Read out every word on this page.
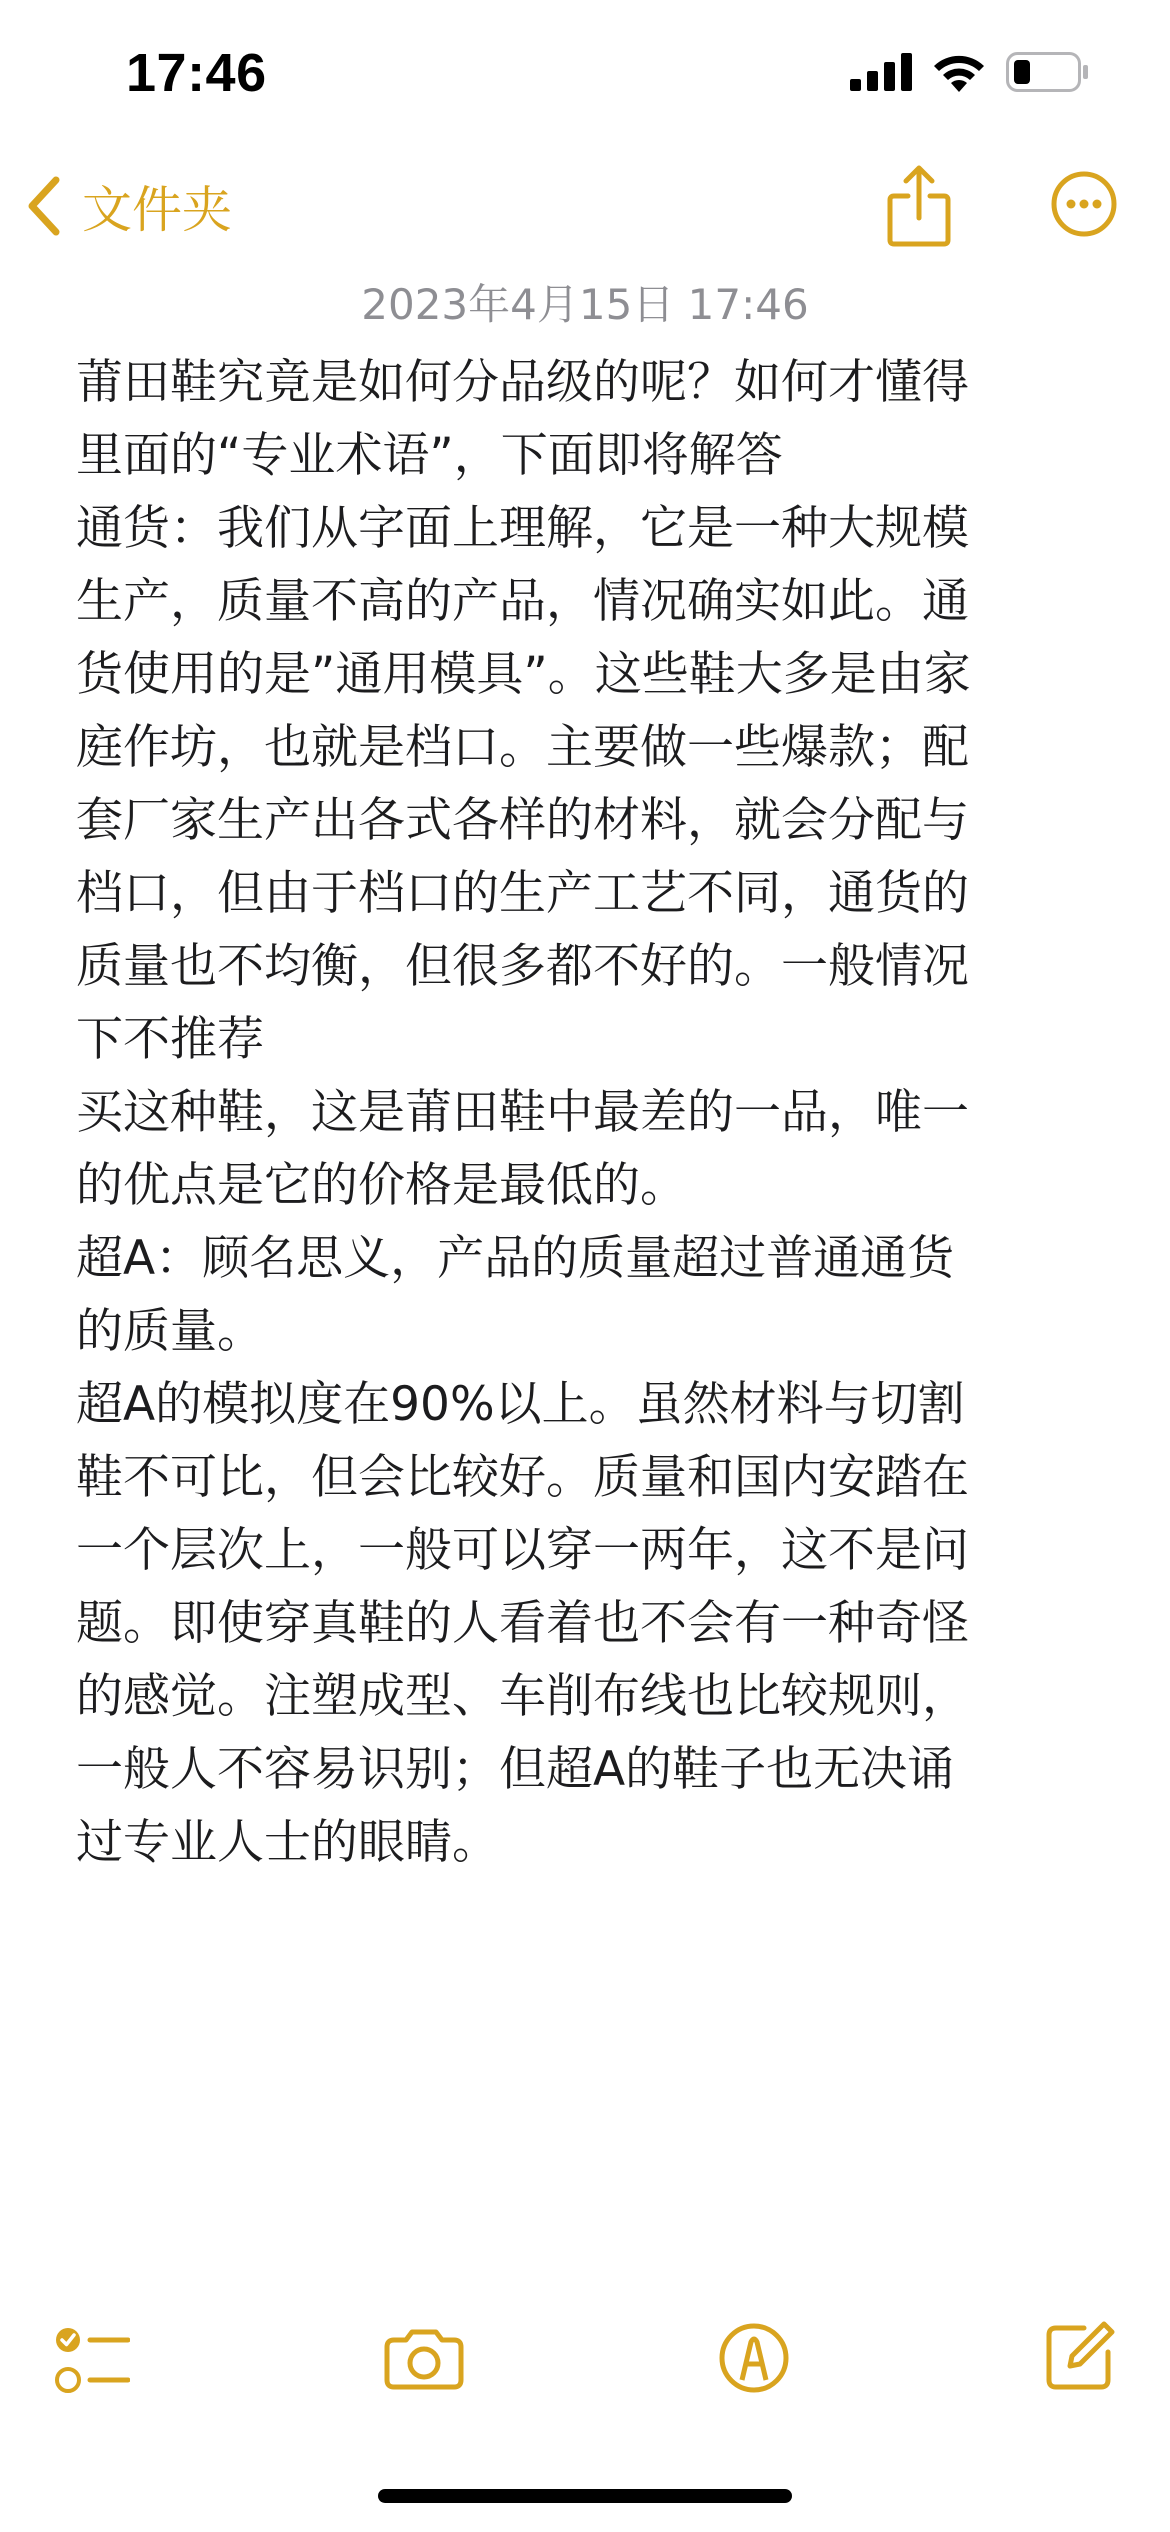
17:46
文件夹
2023年4月15日 17:46
莆田鞋究竟是如何分品级的呢？如何才懂得
里面的“专业术语”，下面即将解答
通货：我们从字面上理解，它是一种大规模
生产，质量不高的产品，情况确实如此。通
货使用的是”通用模具”。这些鞋大多是由家
庭作坊，也就是档口。主要做一些爆款；配
套厂家生产出各式各样的材料，就会分配与
档口，但由于档口的生产工艺不同，通货的
质量也不均衡，但很多都不好的。一般情况
下不推荐
买这种鞋，这是莆田鞋中最差的一品，唯一
的优点是它的价格是最低的。
超A：顾名思义，产品的质量超过普通通货
的质量。
超A的模拟度在90%以上。虽然材料与切割
鞋不可比，但会比较好。质量和国内安踏在
一个层次上，一般可以穿一两年，这不是问
题。即使穿真鞋的人看着也不会有一种奇怪
的感觉。注塑成型、车削布线也比较规则，
一般人不容易识别；但超A的鞋子也无决诵
过专业人士的眼睛。
